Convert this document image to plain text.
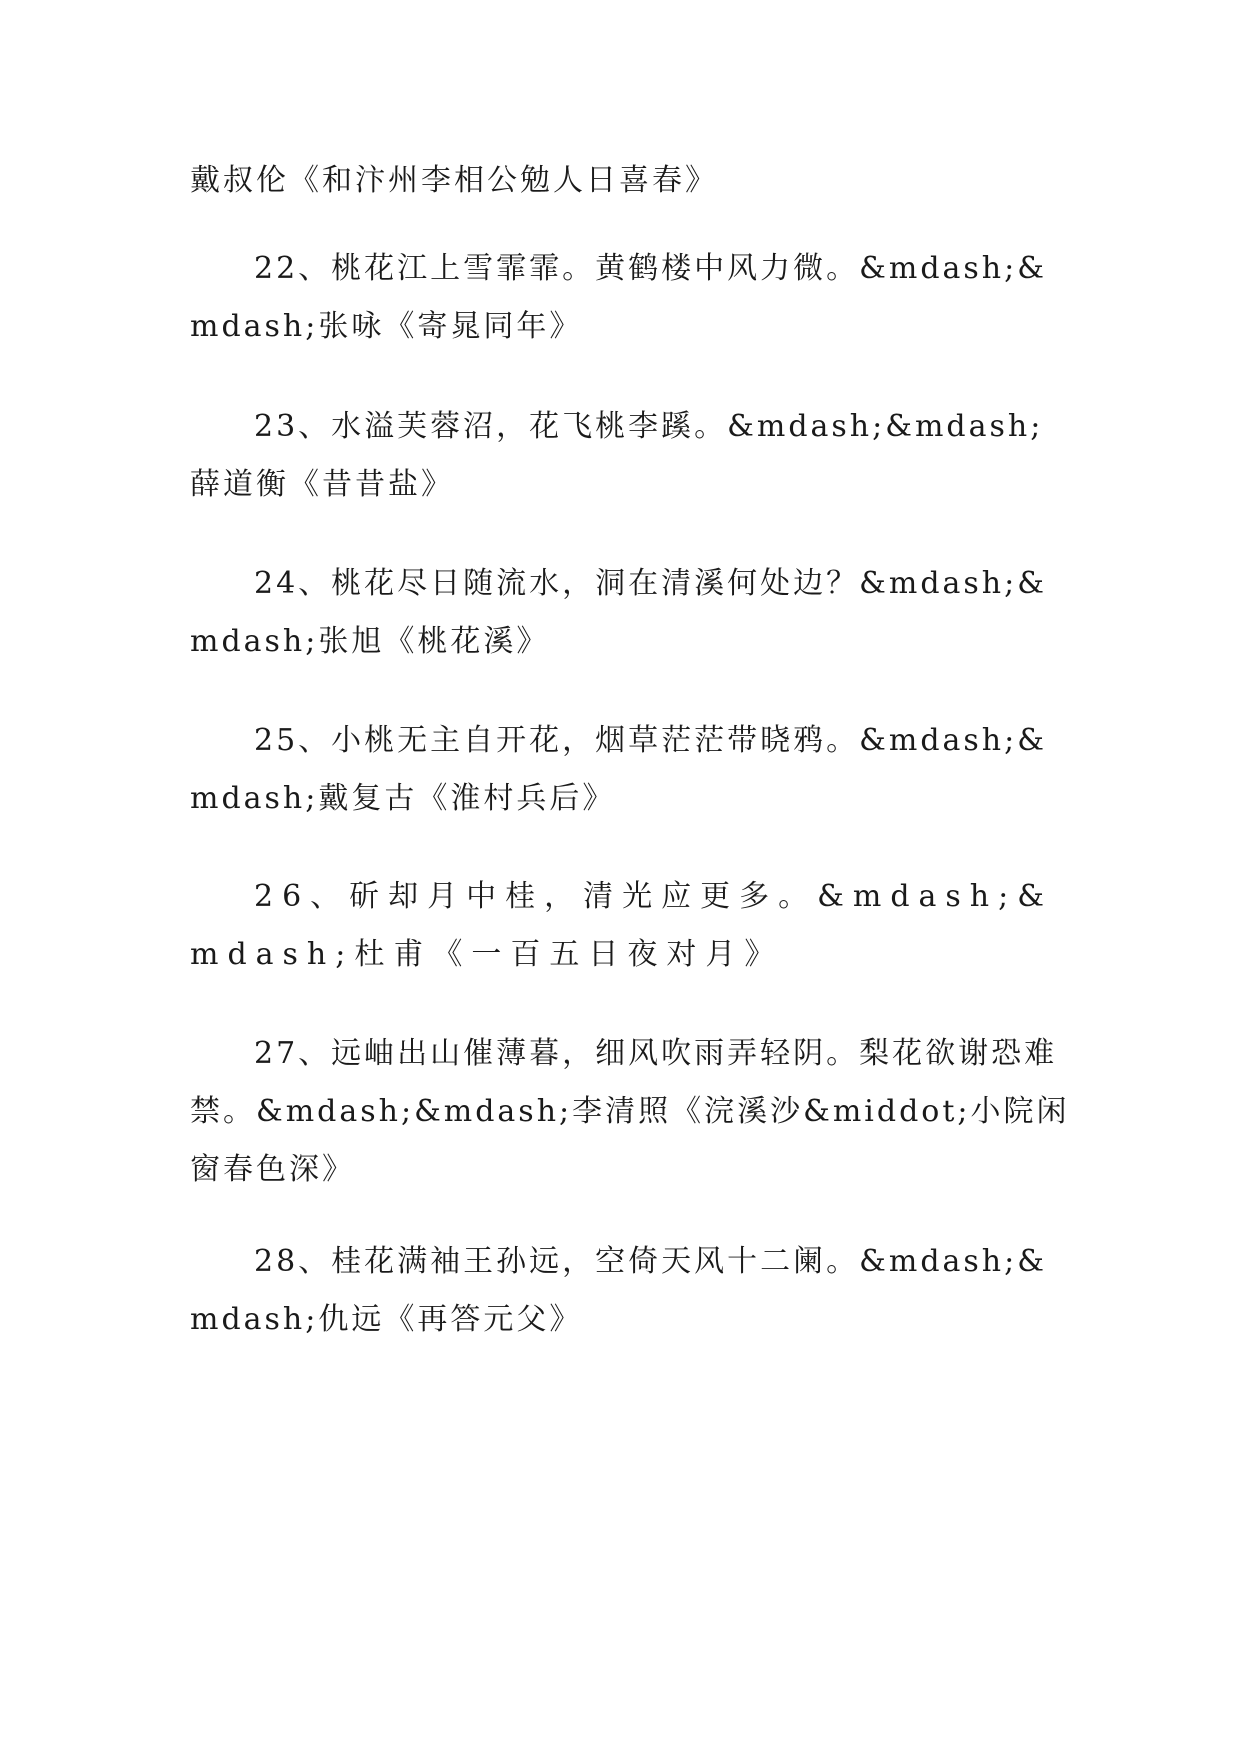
戴叔伦《和汴州李相公勉人日喜春》

22、桃花江上雪霏霏。黄鹤楼中风力微。&mdash;&mdash;张咏《寄晁同年》

23、水溢芙蓉沼，花飞桃李蹊。&mdash;&mdash;薛道衡《昔昔盐》

24、桃花尽日随流水，洞在清溪何处边？&mdash;&mdash;张旭《桃花溪》

25、小桃无主自开花，烟草茫茫带晓鸦。&mdash;&mdash;戴复古《淮村兵后》

26、斫却月中桂，清光应更多。&mdash;&mdash;杜甫《一百五日夜对月》

27、远岫出山催薄暮，细风吹雨弄轻阴。梨花欲谢恐难禁。&mdash;&mdash;李清照《浣溪沙&middot;小院闲窗春色深》

28、桂花满袖王孙远，空倚天风十二阑。&mdash;&mdash;仇远《再答元父》
